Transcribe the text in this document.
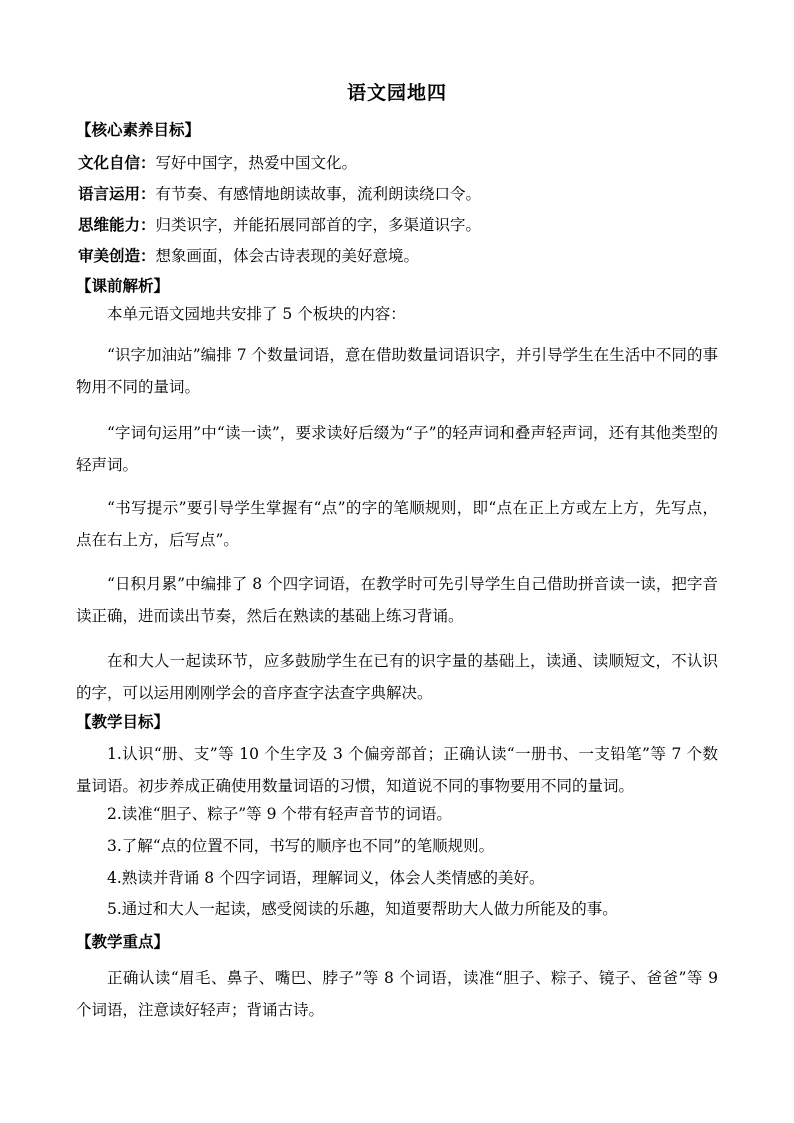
语文园地四
【核心素养目标】
文化自信：写好中国字，热爱中国文化。
语言运用：有节奏、有感情地朗读故事，流利朗读绕口令。
思维能力：归类识字，并能拓展同部首的字，多渠道识字。
审美创造：想象画面，体会古诗表现的美好意境。
【课前解析】
本单元语文园地共安排了 5 个板块的内容：
“识字加油站”编排 7 个数量词语，意在借助数量词语识字，并引导学生在生活中不同的事物用不同的量词。
“字词句运用”中“读一读”，要求读好后缀为“子”的轻声词和叠声轻声词，还有其他类型的轻声词。
“书写提示”要引导学生掌握有“点”的字的笔顺规则，即“点在正上方或左上方，先写点，点在右上方，后写点”。
“日积月累”中编排了 8 个四字词语，在教学时可先引导学生自己借助拼音读一读，把字音读正确，进而读出节奏，然后在熟读的基础上练习背诵。
在和大人一起读环节，应多鼓励学生在已有的识字量的基础上，读通、读顺短文，不认识的字，可以运用刚刚学会的音序查字法查字典解决。
【教学目标】
1.认识“册、支”等 10 个生字及 3 个偏旁部首；正确认读“一册书、一支铅笔”等 7 个数量词语。初步养成正确使用数量词语的习惯，知道说不同的事物要用不同的量词。
2.读准“胆子、粽子”等 9 个带有轻声音节的词语。
3.了解“点的位置不同，书写的顺序也不同”的笔顺规则。
4.熟读并背诵 8 个四字词语，理解词义，体会人类情感的美好。
5.通过和大人一起读，感受阅读的乐趣，知道要帮助大人做力所能及的事。
【教学重点】
正确认读“眉毛、鼻子、嘴巴、脖子”等 8 个词语，读准“胆子、粽子、镜子、爸爸”等 9 个词语，注意读好轻声；背诵古诗。
